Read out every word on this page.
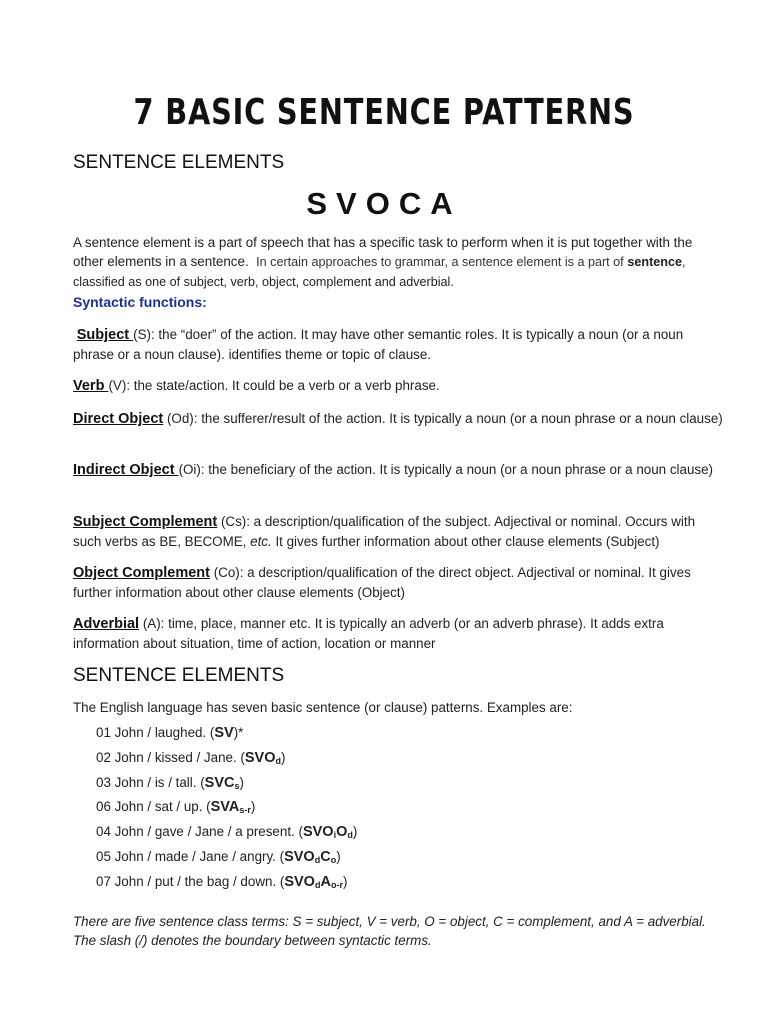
7 BASIC SENTENCE PATTERNS
SENTENCE ELEMENTS
SVOCA
A sentence element is a part of speech that has a specific task to perform when it is put together with the other elements in a sentence. In certain approaches to grammar, a sentence element is a part of sentence, classified as one of subject, verb, object, complement and adverbial.
Syntactic functions:
Subject (S): the “doer” of the action. It may have other semantic roles. It is typically a noun (or a noun phrase or a noun clause). identifies theme or topic of clause.
Verb (V): the state/action. It could be a verb or a verb phrase.
Direct Object (Od): the sufferer/result of the action. It is typically a noun (or a noun phrase or a noun clause)
Indirect Object (Oi): the beneficiary of the action. It is typically a noun (or a noun phrase or a noun clause)
Subject Complement (Cs): a description/qualification of the subject. Adjectival or nominal. Occurs with such verbs as BE, BECOME, etc. It gives further information about other clause elements (Subject)
Object Complement (Co): a description/qualification of the direct object. Adjectival or nominal. It gives further information about other clause elements (Object)
Adverbial (A): time, place, manner etc. It is typically an adverb (or an adverb phrase). It adds extra information about situation, time of action, location or manner
SENTENCE ELEMENTS
The English language has seven basic sentence (or clause) patterns. Examples are:
01 John / laughed. (SV)*
02 John / kissed / Jane. $(SVO_d)$
03 John / is / tall. $(SVC_s)$
06 John / sat / up. $(SVA_{s-r})$
04 John / gave / Jane / a present. $(SVO_iO_d)$
05 John / made / Jane / angry. $(SVO_dC_o)$
07 John / put / the bag / down. $(SVO_dA_{o-r})$
There are five sentence class terms: S = subject, V = verb, O = object, C = complement, and A = adverbial. The slash (/) denotes the boundary between syntactic terms.
